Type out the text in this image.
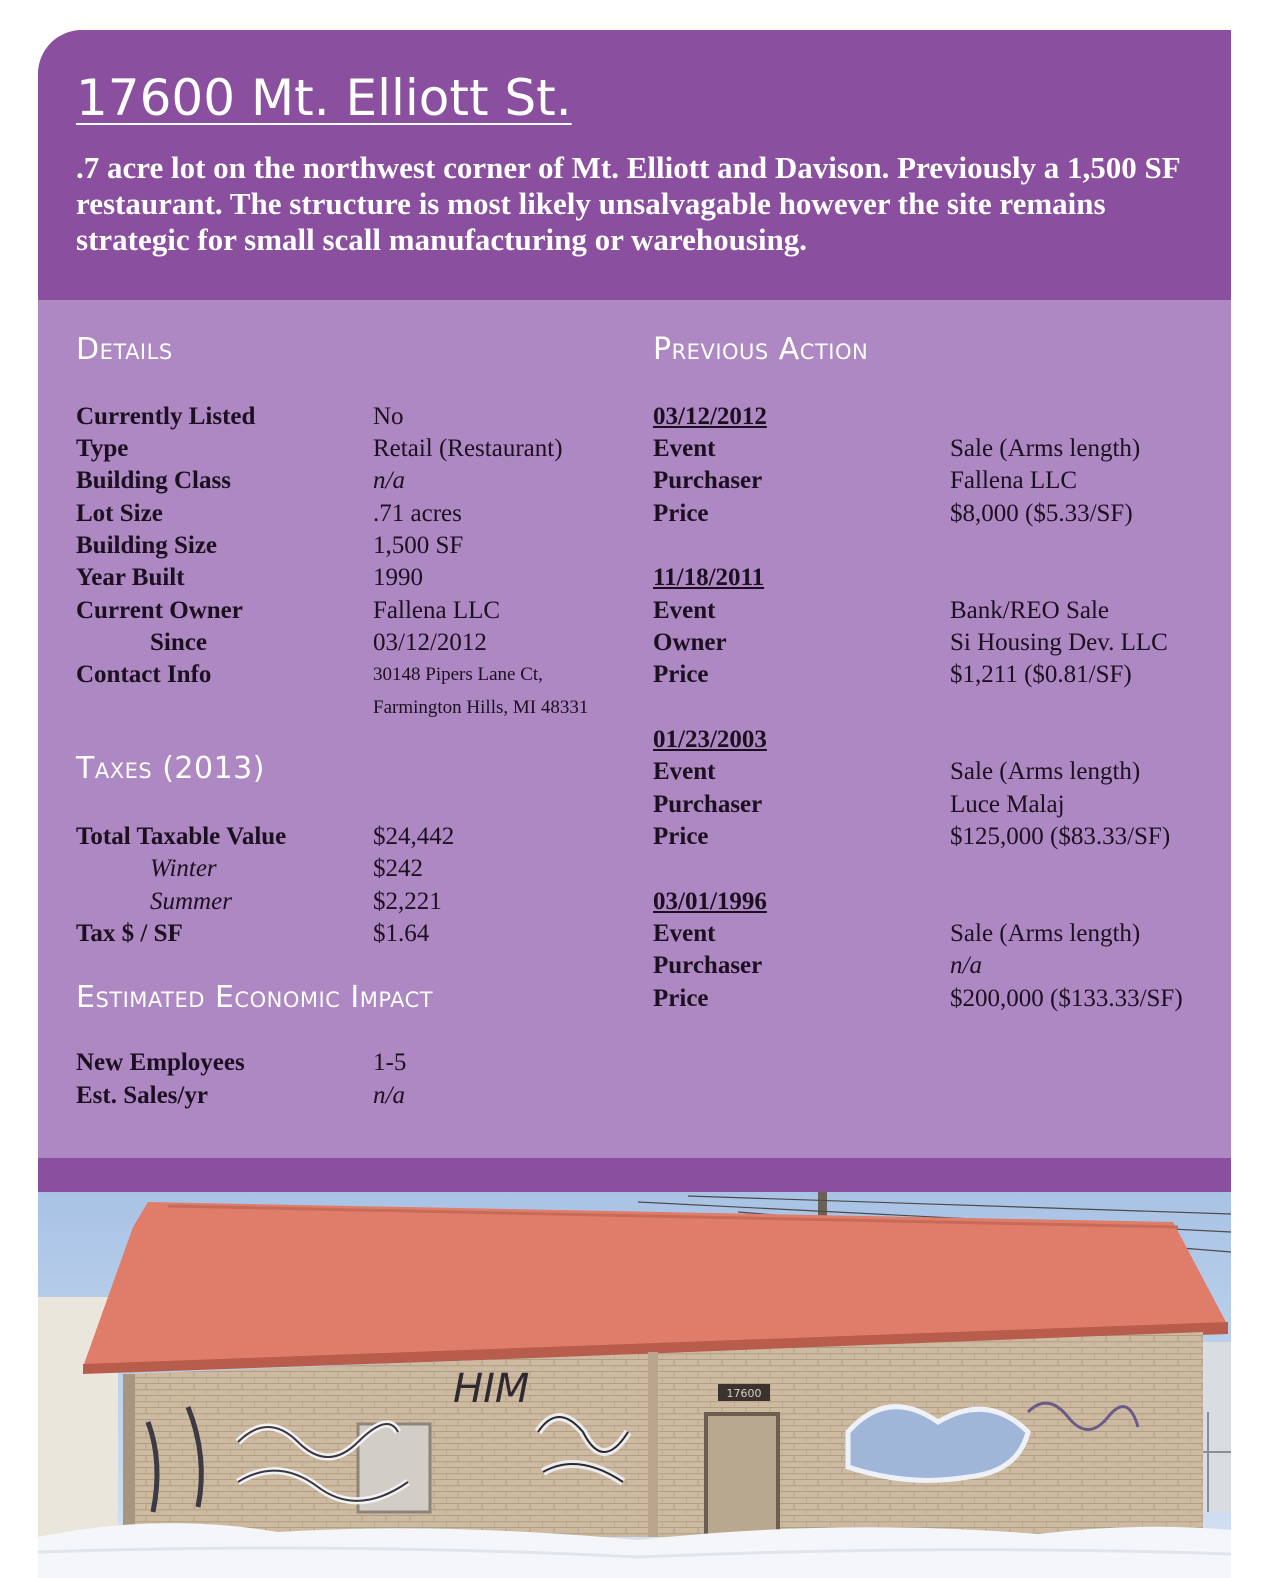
17600 Mt. Elliott St.

.7 acre lot on the northwest corner of Mt. Elliott and Davison. Previously a 1,500 SF restaurant. The structure is most likely unsalvagable however the site remains strategic for small scall manufacturing or warehousing.

Details
Currently Listed	No
Type	Retail (Restaurant)
Building Class	n/a
Lot Size	.71 acres
Building Size	1,500 SF
Year Built	1990
Current Owner	Fallena LLC
Since	03/12/2012
Contact Info	30148 Pipers Lane Ct,
Farmington Hills, MI 48331
Taxes (2013)
Total Taxable Value	$24,442
Winter	$242
Summer	$2,221
Tax $ / SF	$1.64
Estimated Economic Impact
New Employees	1-5
Est. Sales/yr	n/a
Previous Action
03/12/2012
Event	Sale (Arms length)
Purchaser	Fallena LLC
Price	$8,000 ($5.33/SF)
11/18/2011
Event	Bank/REO Sale
Owner	Si Housing Dev. LLC
Price	$1,211 ($0.81/SF)
01/23/2003
Event	Sale (Arms length)
Purchaser	Luce Malaj
Price	$125,000 ($83.33/SF)
03/01/1996
Event	Sale (Arms length)
Purchaser	n/a
Price	$200,000 ($133.33/SF)
17600
HIM
